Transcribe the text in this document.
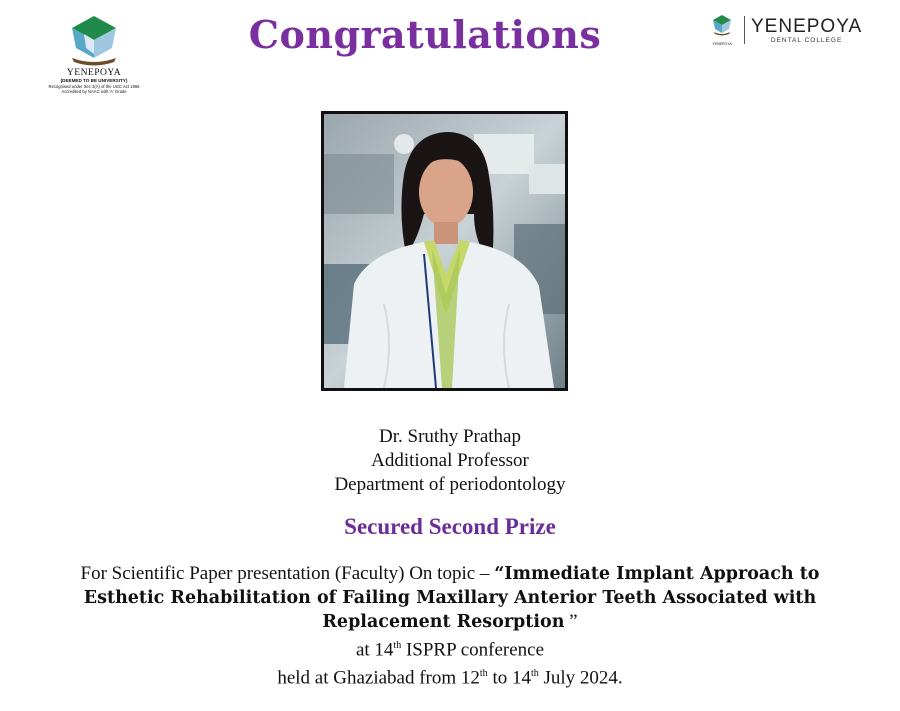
YENEPOYA
(DEEMED TO BE UNIVERSITY)
Recognised under Sec 3(A) of the UGC Act 1956
Accredited by NAAC with 'A' Grade
Congratulations	YENEPOYA
YENEPOYA
DENTAL COLLEGE
Dr. Sruthy Prathap
Additional Professor
Department of periodontology
Secured Second Prize
For Scientific Paper presentation (Faculty) On topic – “Immediate Implant Approach to
Esthetic Rehabilitation of Failing Maxillary Anterior Teeth Associated with
Replacement Resorption ”
at 14th ISPRP conference
held at Ghaziabad from 12th to 14th July 2024.
